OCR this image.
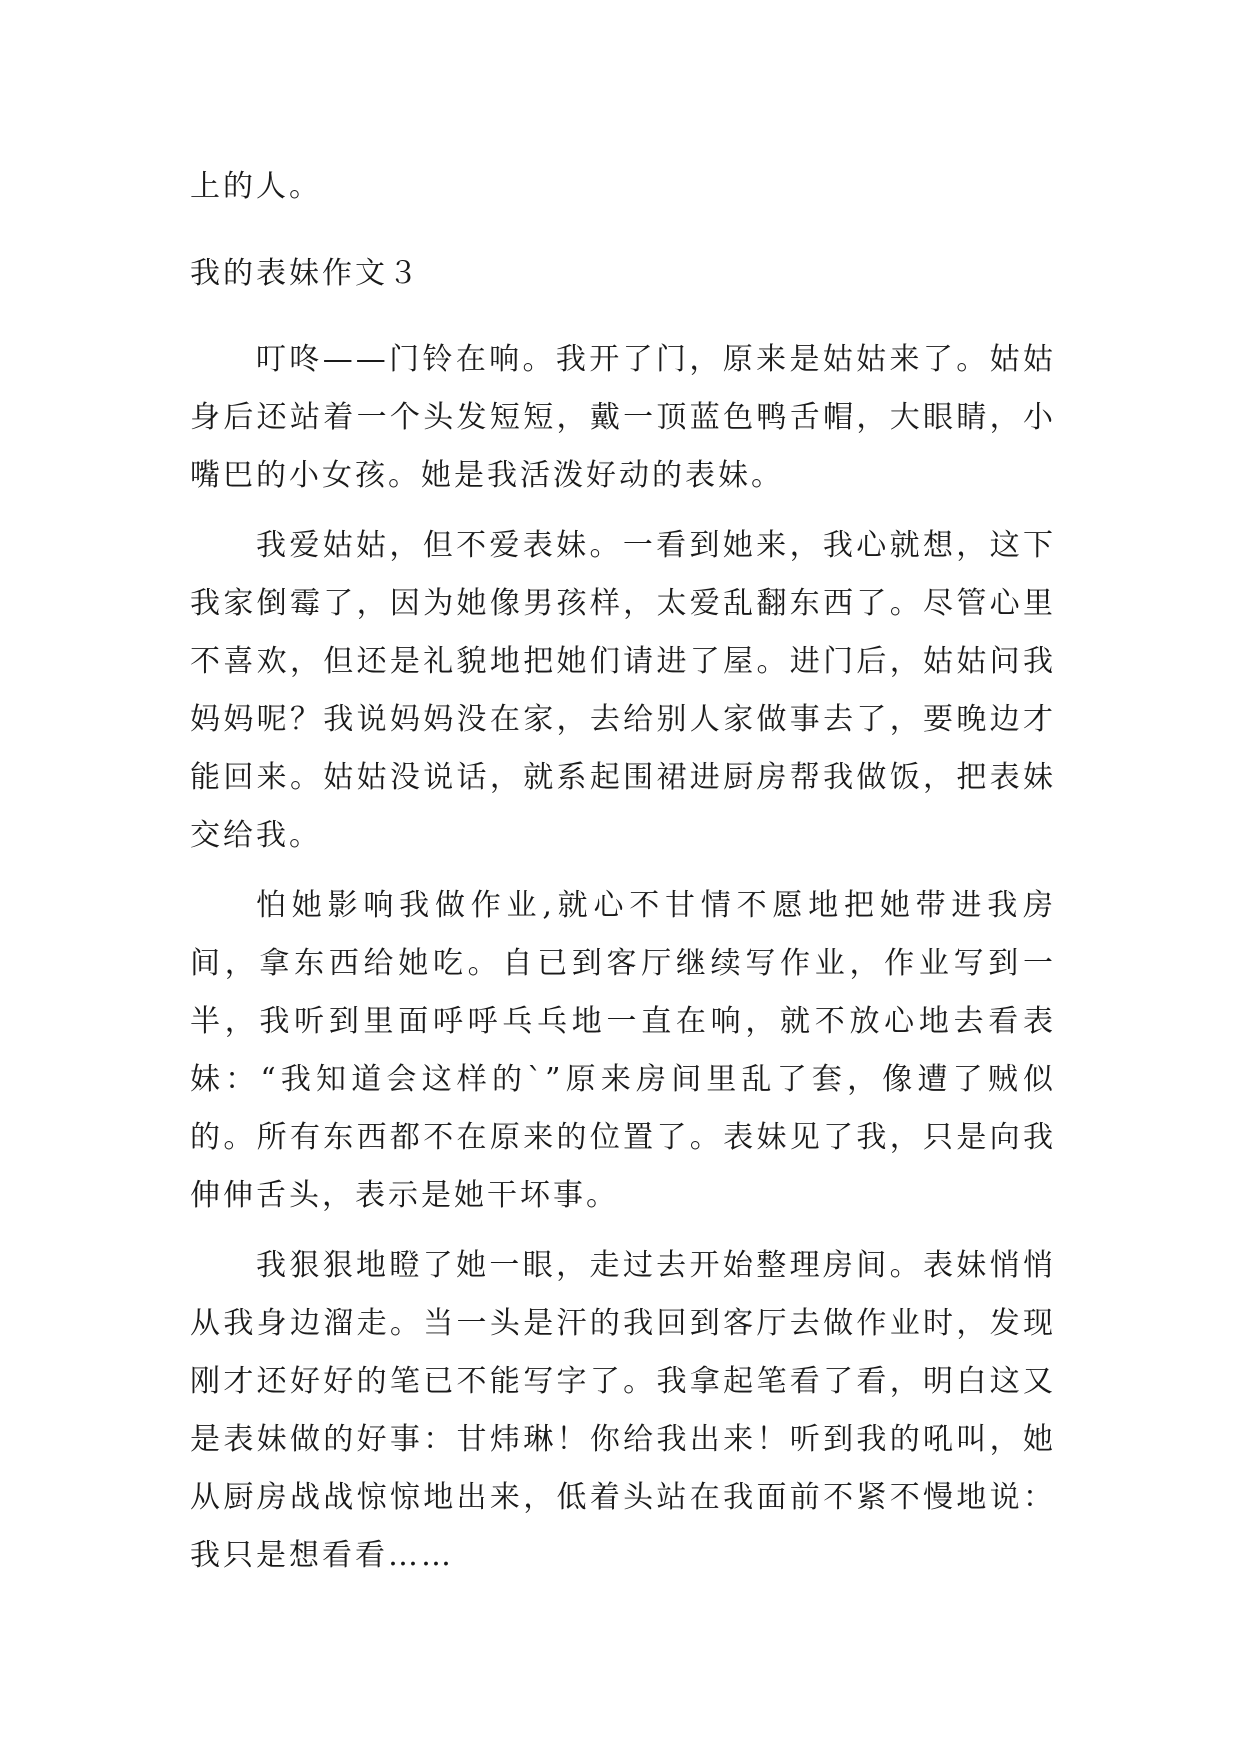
上的人。
我的表妹作文３

叮咚——门铃在响。我开了门，原来是姑姑来了。姑姑身后还站着一个头发短短，戴一顶蓝色鸭舌帽，大眼睛，小嘴巴的小女孩。她是我活泼好动的表妹。

我爱姑姑，但不爱表妹。一看到她来，我心就想，这下我家倒霉了，因为她像男孩样，太爱乱翻东西了。尽管心里不喜欢，但还是礼貌地把她们请进了屋。进门后，姑姑问我妈妈呢？我说妈妈没在家，去给别人家做事去了，要晚边才能回来。姑姑没说话，就系起围裙进厨房帮我做饭，把表妹交给我。

怕她影响我做作业,就心不甘情不愿地把她带进我房间，拿东西给她吃。自已到客厅继续写作业，作业写到一半，我听到里面呼呼乓乓地一直在响，就不放心地去看表妹：“我知道会这样的`”原来房间里乱了套，像遭了贼似的。所有东西都不在原来的位置了。表妹见了我，只是向我伸伸舌头，表示是她干坏事。

我狠狠地瞪了她一眼，走过去开始整理房间。表妹悄悄从我身边溜走。当一头是汗的我回到客厅去做作业时，发现刚才还好好的笔已不能写字了。我拿起笔看了看，明白这又是表妹做的好事：甘炜琳！你给我出来！听到我的吼叫，她从厨房战战惊惊地出来，低着头站在我面前不紧不慢地说：我只是想看看……
